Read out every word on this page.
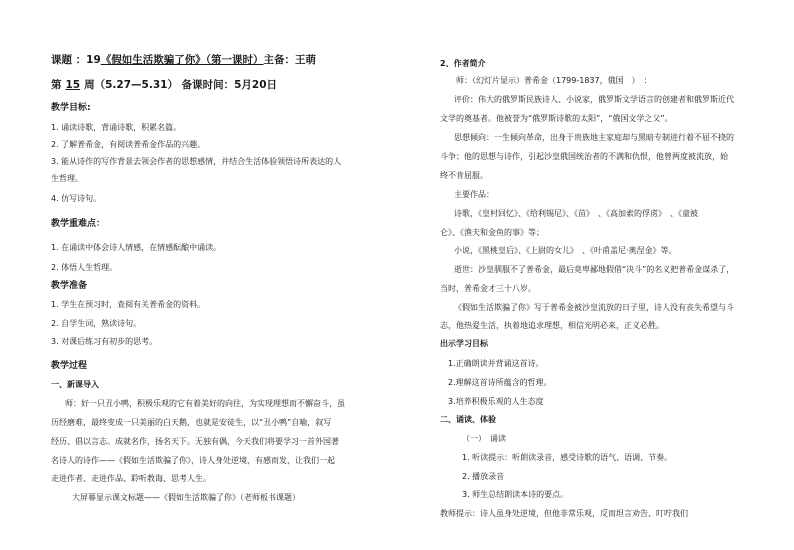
课题 ：19《假如生活欺骗了你》（第一课时）主备：王萌
第 15 周（5.27—5.31） 备课时间：5月20日
教学目标:
1. 诵读诗歌，背诵诗歌，积累名篇。
2. 了解普希金，有阅读普希金作品的兴趣。
3. 能从诗作的写作背景去领会作者的思想感情，并结合生活体验领悟诗所表达的人
生哲理。
4. 仿写诗句。
教学重难点：
1. 在诵读中体会诗人情感，在情感酝酿中诵读。
2. 体悟人生哲理。
教学准备
1. 学生在预习时，查阅有关普希金的资料。
2. 自学生词，熟读诗句。
3. 对课后练习有初步的思考。
教学过程
一、新课导入
师：好一只丑小鸭，积极乐观的它有着美好的向往，为实现理想而不懈奋斗，虽
历经磨难，最终变成一只美丽的白天鹅，也就是安徒生，以“丑小鸭”自喻，叙写
经历、倡以言志。成就名作，扬名天下。无独有偶，今天我们将要学习一首外国著
名诗人的诗作——《假如生活欺骗了你》，诗人身处逆境，有感而发，让我们一起
走进作者、走进作品、聆听教诲、思考人生。
大屏幕显示课文标题——《假如生活欺骗了你》（老师板书课题）
2、作者简介
师：（幻灯片显示）普希金（1799-1837，俄国　）　：
评价：伟大的俄罗斯民族诗人、小说家，俄罗斯文学语言的创建者和俄罗斯近代
文学的奠基者。他被誉为“俄罗斯诗歌的太阳”，“俄国文学之父”。
思想倾向：一生倾向革命，出身于贵族地主家庭却与黑暗专制进行着不屈不挠的
斗争；他的思想与诗作，引起沙皇俄国统治者的不满和仇恨，他曾两度被流放，始
终不肯屈服。
主要作品：
诗歌，《皇村回忆》、《给利锡尼》、《苗》　、《高加索的俘虏》　、《童被
仑》、《渔夫和金鱼的事》等；
小说，《黑桃皇后》、《上尉的女儿》　、《叶甫盖尼·奥涅金》等。
逝世：沙皇驯服不了普希金，最后竟卑鄙地假借“决斗”的名义把普希金谋杀了，
当时，普希金才三十八岁。
《假如生活欺骗了你》写于普希金被沙皇流放的日子里，诗人没有丧失希望与斗
志，他热爱生活，执着地追求理想，相信光明必来，正义必胜。
出示学习目标
1.正确朗读并背诵这首诗。
2.理解这首诗所蕴含的哲理。
3.培养积极乐观的人生态度
二、诵读、体验
（一）　诵读
1. 听读提示：听朗读录音，感受诗歌的语气、语调、节奏。
2. 播放录音
3. 师生总结朗读本诗的要点。
教师提示：诗人虽身处逆境，但他非常乐观，反而坦言劝告、叮咛我们
